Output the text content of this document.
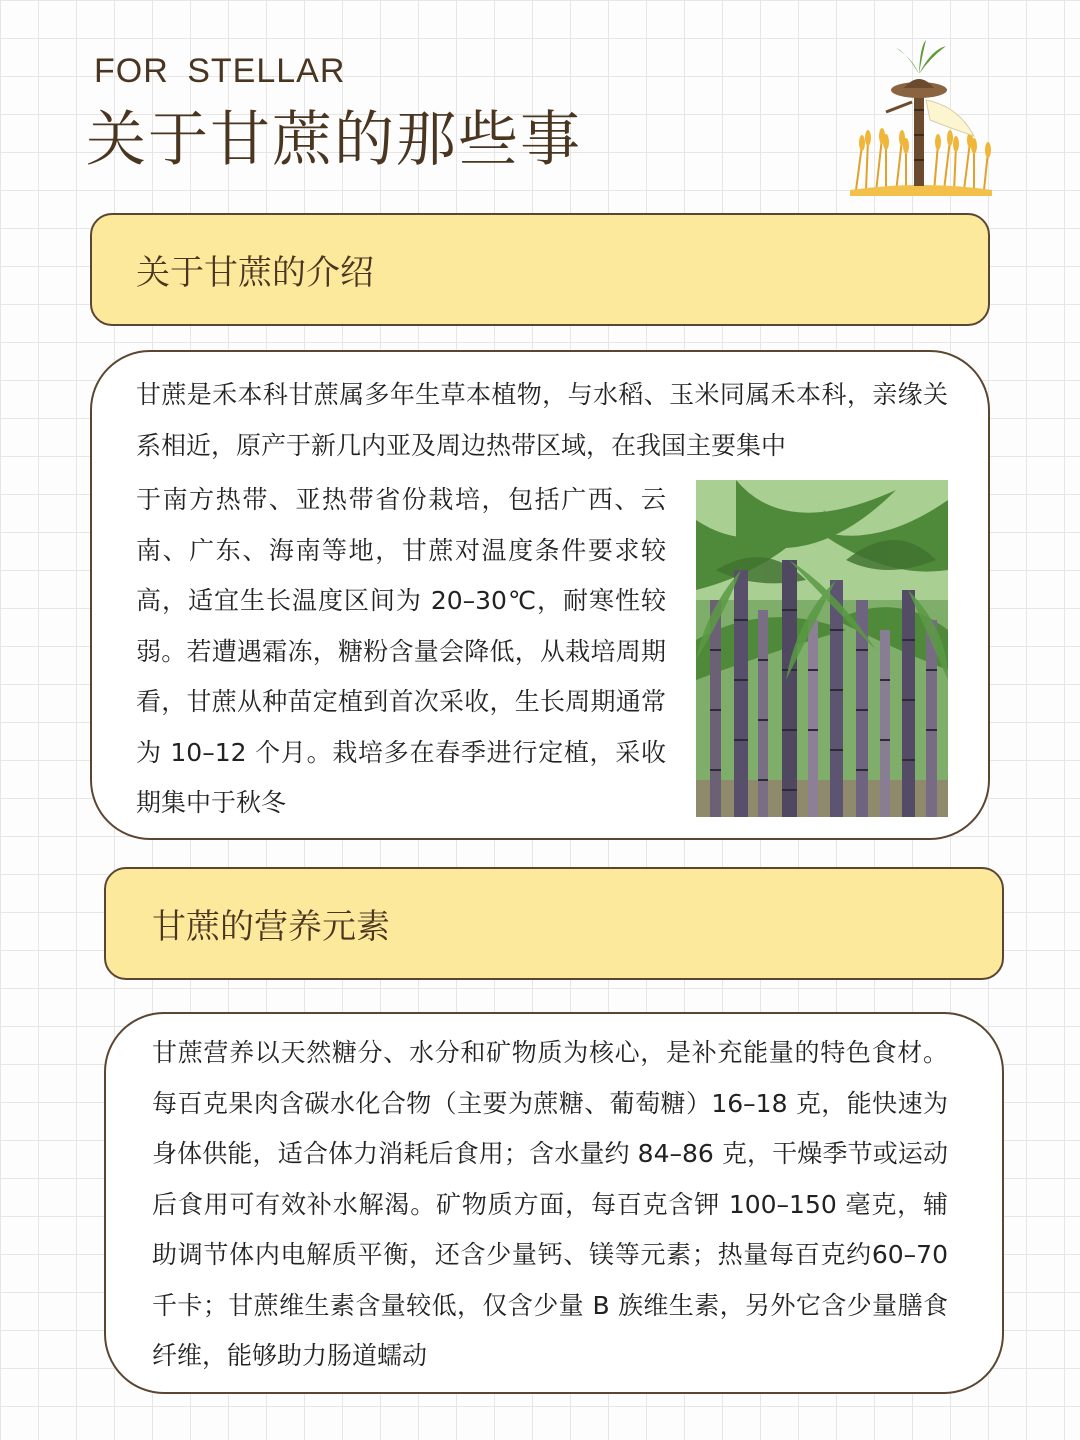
FOR STELLAR
关于甘蔗的那些事
关于甘蔗的介绍

甘蔗是禾本科甘蔗属多年生草本植物，与水稻、玉米同属禾本科，亲缘关系相近，原产于新几内亚及周边热带区域，在我国主要集中

于南方热带、亚热带省份栽培，包括广西、云南、广东、海南等地，甘蔗对温度条件要求较高，适宜生长温度区间为 20–30℃，耐寒性较弱。若遭遇霜冻，糖粉含量会降低，从栽培周期看，甘蔗从种苗定植到首次采收，生长周期通常为 10–12 个月。栽培多在春季进行定植，采收期集中于秋冬

甘蔗的营养元素

甘蔗营养以天然糖分、水分和矿物质为核心，是补充能量的特色食材。每百克果肉含碳水化合物（主要为蔗糖、葡萄糖）16–18 克，能快速为身体供能，适合体力消耗后食用；含水量约 84–86 克，干燥季节或运动后食用可有效补水解渴。矿物质方面，每百克含钾 100–150 毫克，辅助调节体内电解质平衡，还含少量钙、镁等元素；热量每百克约60–70 千卡；甘蔗维生素含量较低，仅含少量 B 族维生素，另外它含少量膳食纤维，能够助力肠道蠕动
